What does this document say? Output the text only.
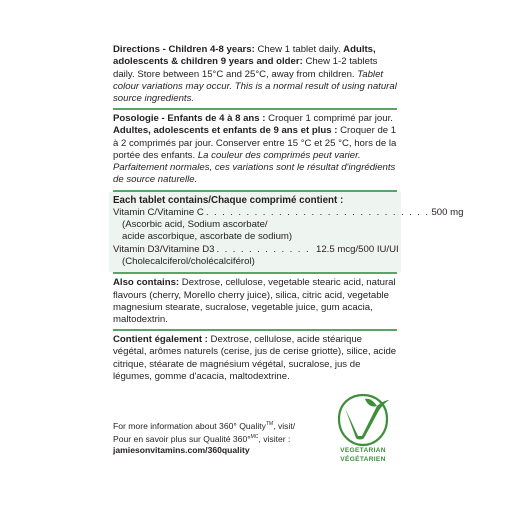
Directions - Children 4-8 years: Chew 1 tablet daily. Adults, adolescents & children 9 years and older: Chew 1-2 tablets daily. Store between 15°C and 25°C, away from children. Tablet colour variations may occur. This is a normal result of using natural source ingredients.

Posologie - Enfants de 4 à 8 ans : Croquer 1 comprimé par jour. Adultes, adolescents et enfants de 9 ans et plus : Croquer de 1 à 2 comprimés par jour. Conserver entre 15 °C et 25 °C, hors de la portée des enfants. La couleur des comprimés peut varier. Parfaitement normales, ces variations sont le résultat d'ingrédients de source naturelle.

Each tablet contains/Chaque comprimé contient :
Vitamin C/Vitamine C . . . . . . . . . . . . . . . . . . . . . . . . . . . . 500 mg
(Ascorbic acid, Sodium ascorbate/
acide ascorbique, ascorbate de sodium)
Vitamin D3/Vitamine D3 . . . . . . . . . . . . 12.5 mcg/500 IU/UI
(Cholecalciferol/cholécalciférol)

Also contains: Dextrose, cellulose, vegetable stearic acid, natural flavours (cherry, Morello cherry juice), silica, citric acid, vegetable magnesium stearate, sucralose, vegetable juice, gum acacia, maltodextrin.

Contient également : Dextrose, cellulose, acide stéarique végétal, arômes naturels (cerise, jus de cerise griotte), silice, acide citrique, stéarate de magnésium végétal, sucralose, jus de légumes, gomme d'acacia, maltodextrine.

For more information about 360° Quality™, visit/
Pour en savoir plus sur Qualité 360°$^{MC}$, visiter :
jamiesonvitamins.com/360quality	VEGETARIAN
VÉGÉTARIEN
